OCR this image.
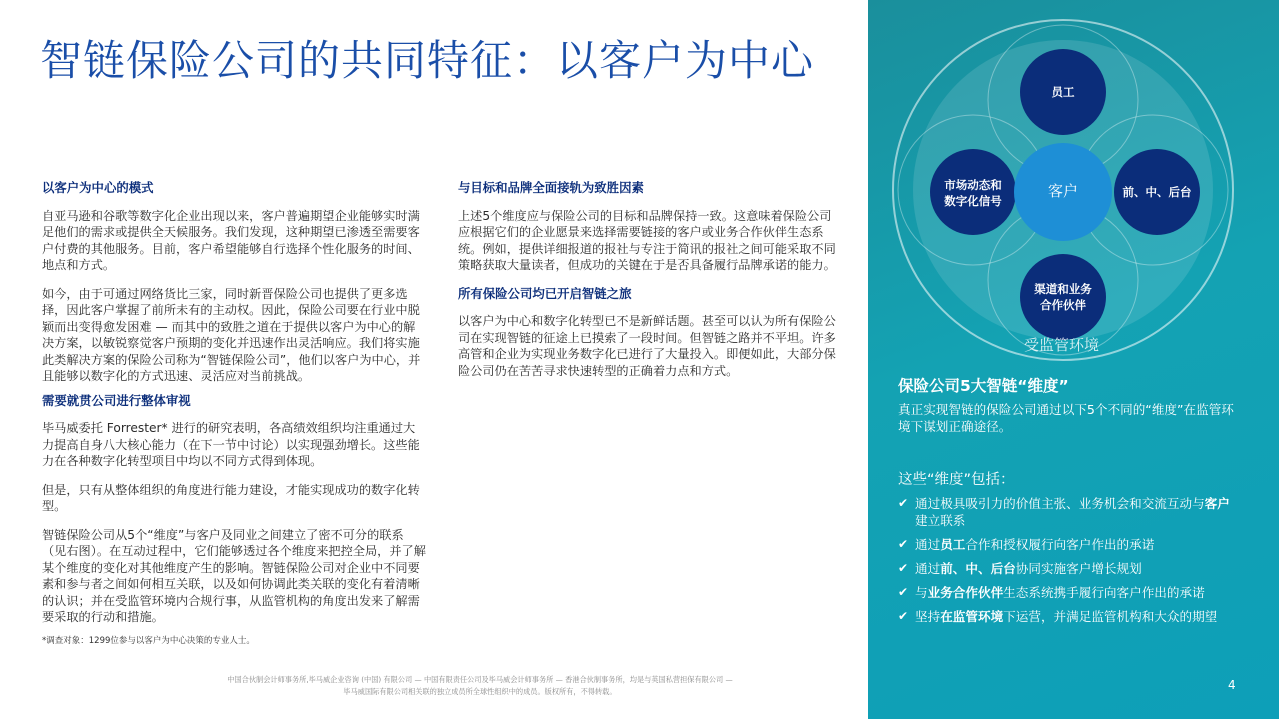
智链保险公司的共同特征：以客户为中心
以客户为中心的模式

自亚马逊和谷歌等数字化企业出现以来，客户普遍期望企业能够实时满足他们的需求或提供全天候服务。我们发现，这种期望已渗透至需要客户付费的其他服务。目前，客户希望能够自行选择个性化服务的时间、地点和方式。

如今，由于可通过网络货比三家，同时新晋保险公司也提供了更多选择，因此客户掌握了前所未有的主动权。因此，保险公司要在行业中脱颖而出变得愈发困难 — 而其中的致胜之道在于提供以客户为中心的解决方案，以敏锐察觉客户预期的变化并迅速作出灵活响应。我们将实施此类解决方案的保险公司称为“智链保险公司”，他们以客户为中心，并且能够以数字化的方式迅速、灵活应对当前挑战。

需要就贯公司进行整体审视

毕马威委托 Forrester* 进行的研究表明，各高绩效组织均注重通过大力提高自身八大核心能力（在下一节中讨论）以实现强劲增长。这些能力在各种数字化转型项目中均以不同方式得到体现。

但是，只有从整体组织的角度进行能力建设，才能实现成功的数字化转型。

智链保险公司从5个“维度”与客户及同业之间建立了密不可分的联系（见右图）。在互动过程中，它们能够透过各个维度来把控全局，并了解某个维度的变化对其他维度产生的影响。智链保险公司对企业中不同要素和参与者之间如何相互关联，以及如何协调此类关联的变化有着清晰的认识；并在受监管环境内合规行事，从监管机构的角度出发来了解需要采取的行动和措施。

与目标和品牌全面接轨为致胜因素

上述5个维度应与保险公司的目标和品牌保持一致。这意味着保险公司应根据它们的企业愿景来选择需要链接的客户或业务合作伙伴生态系统。例如，提供详细报道的报社与专注于简讯的报社之间可能采取不同策略获取大量读者，但成功的关键在于是否具备履行品牌承诺的能力。

所有保险公司均已开启智链之旅

以客户为中心和数字化转型已不是新鲜话题。甚至可以认为所有保险公司在实现智链的征途上已摸索了一段时间。但智链之路并不平坦。许多高管和企业为实现业务数字化已进行了大量投入。即便如此，大部分保险公司仍在苦苦寻求快速转型的正确着力点和方式。

*调查对象：1299位参与以客户为中心决策的专业人士。
中国合伙制会计师事务所,毕马威企业咨询 (中国) 有限公司 — 中国有限责任公司及毕马威会计师事务所 — 香港合伙制事务所，均是与英国私营担保有限公司 —
毕马威国际有限公司相关联的独立成员所全球性组织中的成员。版权所有，不得转载。
员工
客户
市场动态和
数字化信号
前、中、后台
渠道和业务
合作伙伴
受监管环境
保险公司5大智链“维度”
真正实现智链的保险公司通过以下5个不同的“维度”在监管环境下谋划正确途径。
这些“维度”包括：
✔ 通过极具吸引力的价值主张、业务机会和交流互动与客户建立联系
✔ 通过员工合作和授权履行向客户作出的承诺
✔ 通过前、中、后台协同实施客户增长规划
✔ 与业务合作伙伴生态系统携手履行向客户作出的承诺
✔ 坚持在监管环境下运营，并满足监管机构和大众的期望
4
